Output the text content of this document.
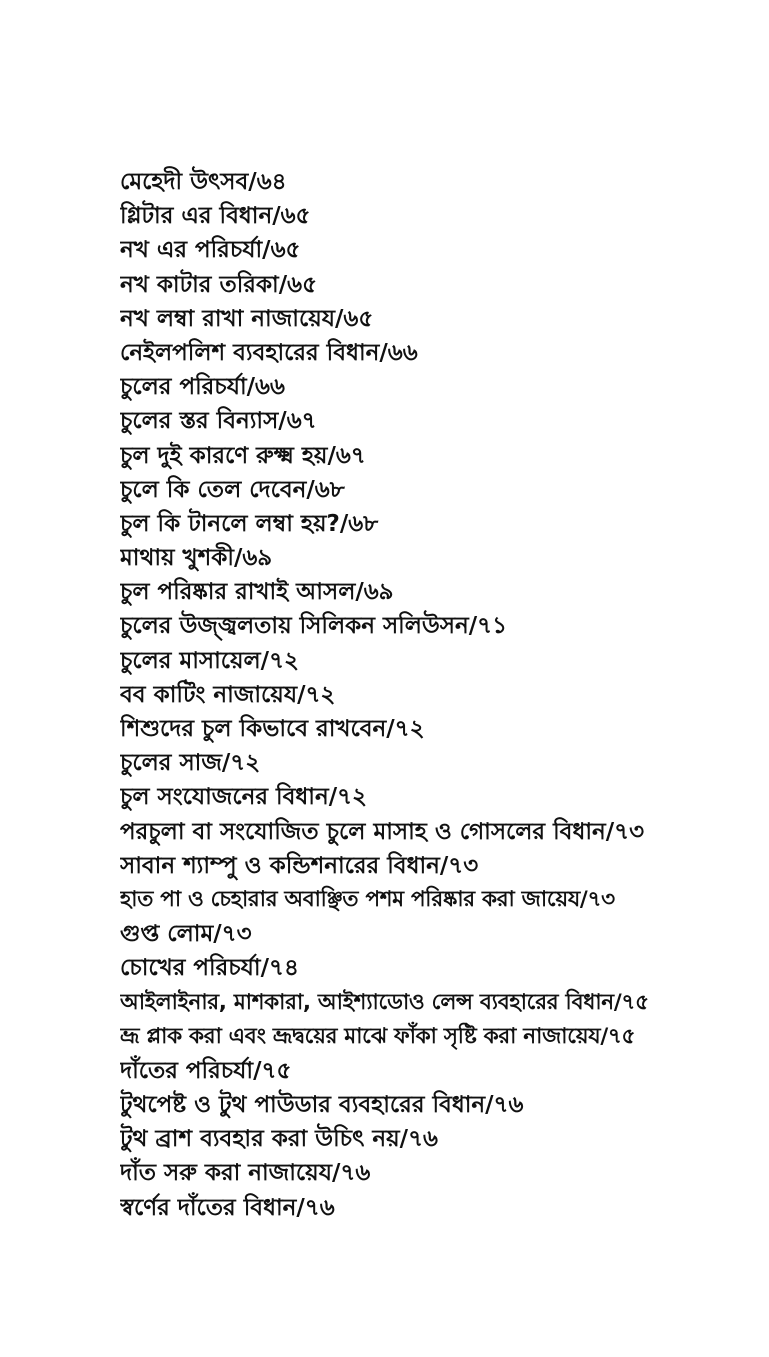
মেহেদী উৎসব/৬৪
গ্লিটার এর বিধান/৬৫
নখ এর পরিচর্যা/৬৫
নখ কাটার তরিকা/৬৫
নখ লম্বা রাখা নাজায়েয/৬৫
নেইলপলিশ ব্যবহারের বিধান/৬৬
চুলের পরিচর্যা/৬৬
চুলের স্তর বিন্যাস/৬৭
চুল দুই কারণে রুক্ষ্ম হয়/৬৭
চুলে কি তেল দেবেন/৬৮
চুল কি টানলে লম্বা হয়?/৬৮
মাথায় খুশকী/৬৯
চুল পরিষ্কার রাখাই আসল/৬৯
চুলের উজ্জ্বলতায় সিলিকন সলিউসন/৭১
চুলের মাসায়েল/৭২
বব কাটিং নাজায়েয/৭২
শিশুদের চুল কিভাবে রাখবেন/৭২
চুলের সাজ/৭২
চুল সংযোজনের বিধান/৭২
পরচুলা বা সংযোজিত চুলে মাসাহ ও গোসলের বিধান/৭৩
সাবান শ্যাম্পু ও কন্ডিশনারের বিধান/৭৩
হাত পা ও চেহারার অবাঞ্ছিত পশম পরিষ্কার করা জায়েয/৭৩
গুপ্ত লোম/৭৩
চোখের পরিচর্যা/৭৪
আইলাইনার, মাশকারা, আইশ্যাডোও লেন্স ব্যবহারের বিধান/৭৫
ভ্রূ প্লাক করা এবং ভ্রূদ্বয়ের মাঝে ফাঁকা সৃষ্টি করা নাজায়েয/৭৫
দাঁতের পরিচর্যা/৭৫
টুথপেষ্ট ও টুথ পাউডার ব্যবহারের বিধান/৭৬
টুথ ব্রাশ ব্যবহার করা উচিৎ নয়/৭৬
দাঁত সরু করা নাজায়েয/৭৬
স্বর্ণের দাঁতের বিধান/৭৬
